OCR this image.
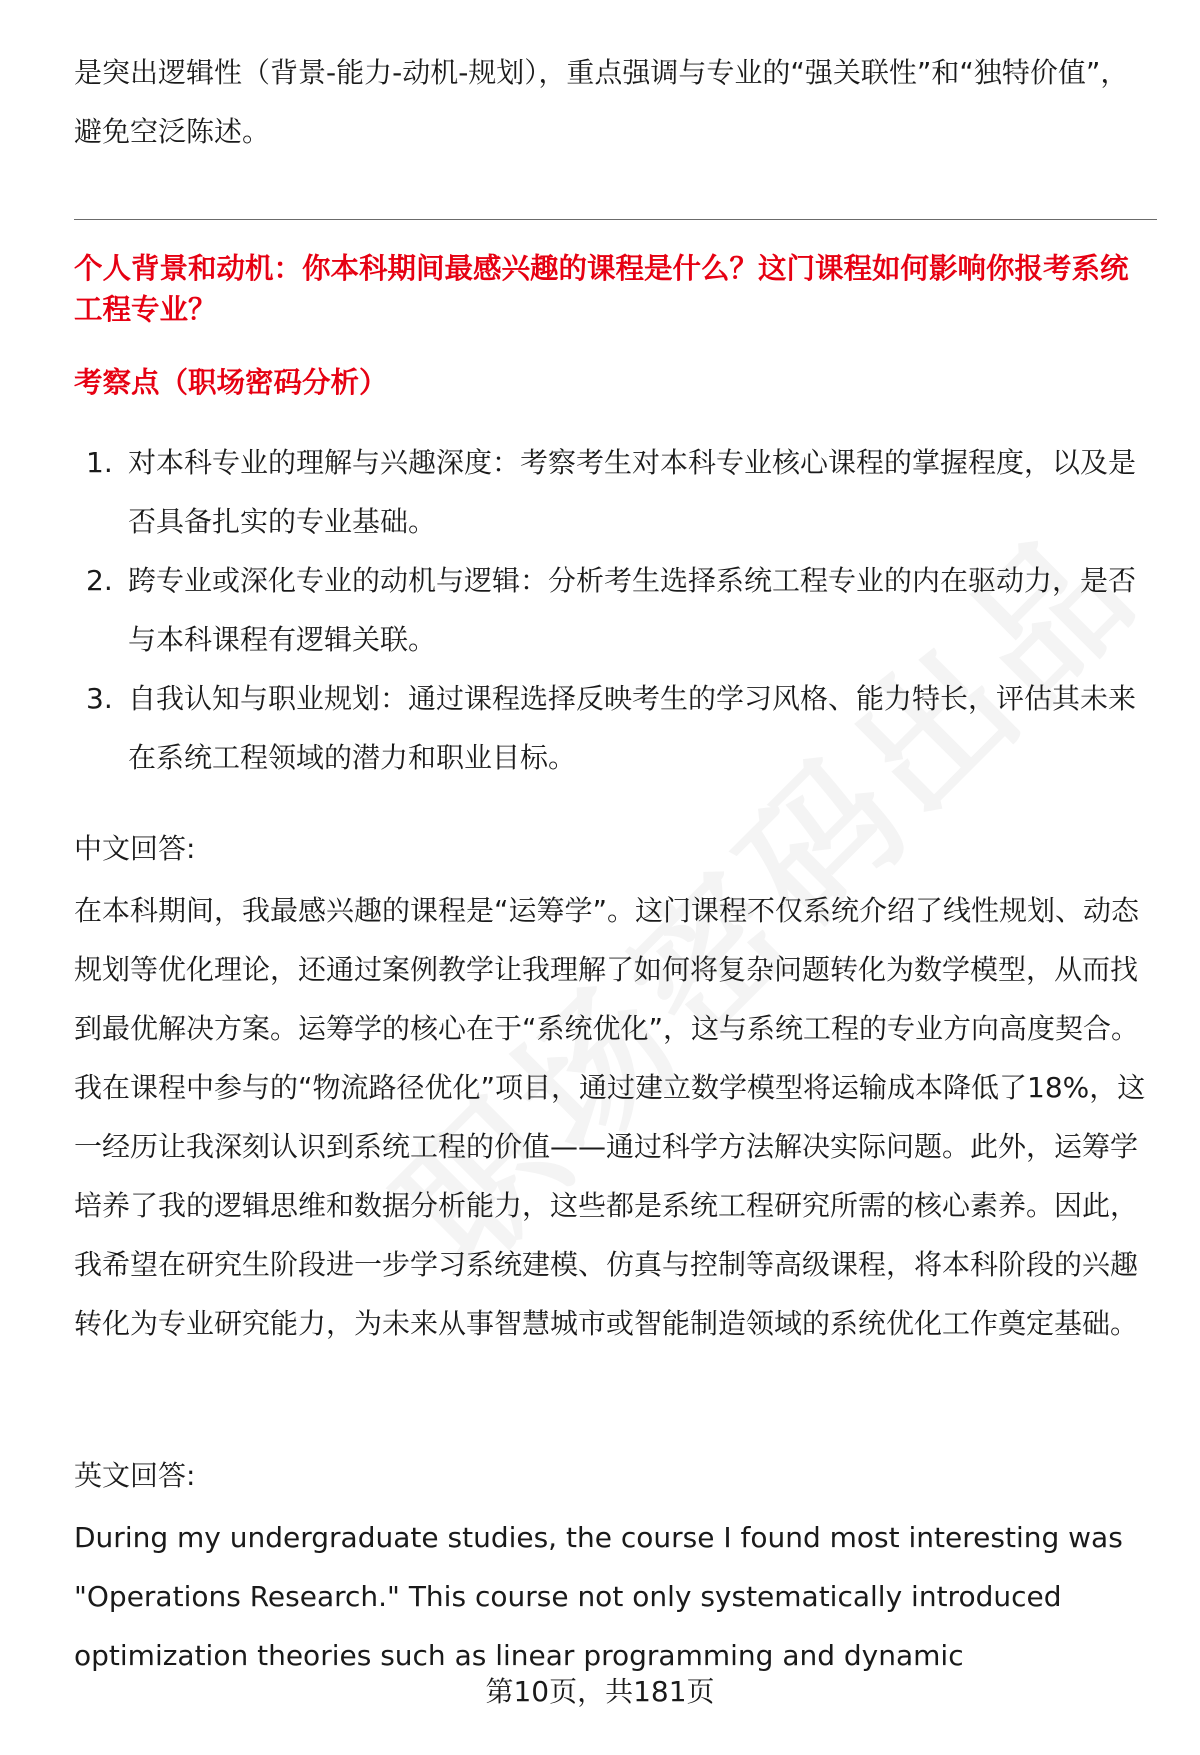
是突出逻辑性（背景-能力-动机-规划），重点强调与专业的“强关联性”和“独特价值”，避免空泛陈述。

个人背景和动机：你本科期间最感兴趣的课程是什么？这门课程如何影响你报考系统工程专业？

考察点（职场密码分析）

1. 对本科专业的理解与兴趣深度：考察考生对本科专业核心课程的掌握程度，以及是否具备扎实的专业基础。
2. 跨专业或深化专业的动机与逻辑：分析考生选择系统工程专业的内在驱动力，是否与本科课程有逻辑关联。
3. 自我认知与职业规划：通过课程选择反映考生的学习风格、能力特长，评估其未来在系统工程领域的潜力和职业目标。

中文回答:

在本科期间，我最感兴趣的课程是“运筹学”。这门课程不仅系统介绍了线性规划、动态规划等优化理论，还通过案例教学让我理解了如何将复杂问题转化为数学模型，从而找到最优解决方案。运筹学的核心在于“系统优化”，这与系统工程的专业方向高度契合。我在课程中参与的“物流路径优化”项目，通过建立数学模型将运输成本降低了18%，这一经历让我深刻认识到系统工程的价值——通过科学方法解决实际问题。此外，运筹学培养了我的逻辑思维和数据分析能力，这些都是系统工程研究所需的核心素养。因此，我希望在研究生阶段进一步学习系统建模、仿真与控制等高级课程，将本科阶段的兴趣转化为专业研究能力，为未来从事智慧城市或智能制造领域的系统优化工作奠定基础。

英文回答:

During my undergraduate studies, the course I found most interesting was "Operations Research." This course not only systematically introduced optimization theories such as linear programming and dynamic

第10页，共181页
